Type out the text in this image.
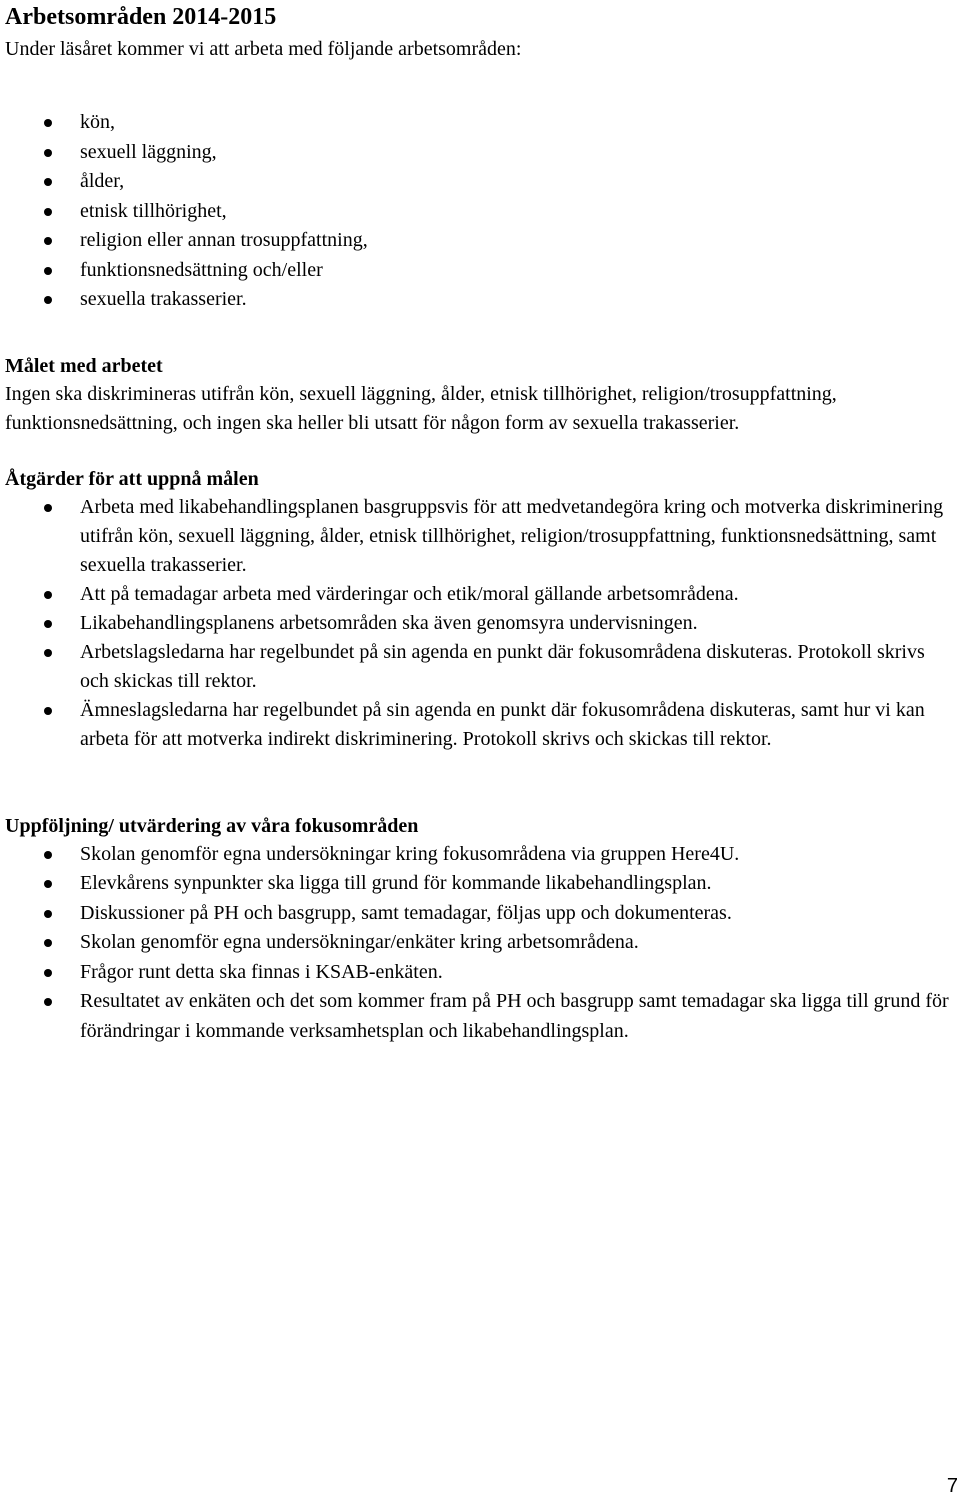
Arbetsområden 2014-2015

Under läsåret kommer vi att arbeta med följande arbetsområden:

kön,
sexuell läggning,
ålder,
etnisk tillhörighet,
religion eller annan trosuppfattning,
funktionsnedsättning och/eller
sexuella trakasserier.
Målet med arbetet

Ingen ska diskrimineras utifrån kön, sexuell läggning, ålder, etnisk tillhörighet, religion/trosuppfattning, funktionsnedsättning, och ingen ska heller bli utsatt för någon form av sexuella trakasserier.

Åtgärder för att uppnå målen
Arbeta med likabehandlingsplanen basgruppsvis för att medvetandegöra kring och motverka diskriminering utifrån kön, sexuell läggning, ålder, etnisk tillhörighet, religion/trosuppfattning, funktionsnedsättning, samt sexuella trakasserier.
Att på temadagar arbeta med värderingar och etik/moral gällande arbetsområdena.
Likabehandlingsplanens arbetsområden ska även genomsyra undervisningen.
Arbetslagsledarna har regelbundet på sin agenda en punkt där fokusområdena diskuteras. Protokoll skrivs och skickas till rektor.
Ämneslagsledarna har regelbundet på sin agenda en punkt där fokusområdena diskuteras, samt hur vi kan arbeta för att motverka indirekt diskriminering. Protokoll skrivs och skickas till rektor.
Uppföljning/ utvärdering av våra fokusområden
Skolan genomför egna undersökningar kring fokusområdena via gruppen Here4U.
Elevkårens synpunkter ska ligga till grund för kommande likabehandlingsplan.
Diskussioner på PH och basgrupp, samt temadagar, följas upp och dokumenteras.
Skolan genomför egna undersökningar/enkäter kring arbetsområdena.
Frågor runt detta ska finnas i KSAB-enkäten.
Resultatet av enkäten och det som kommer fram på PH och basgrupp samt temadagar ska ligga till grund för förändringar i kommande verksamhetsplan och likabehandlingsplan.
7
